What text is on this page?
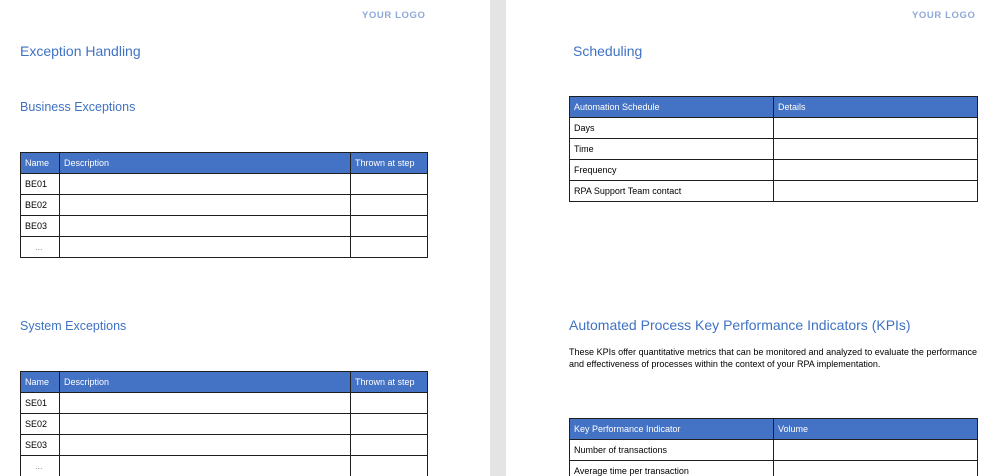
YOUR LOGO
Exception Handling
Business Exceptions
Name	Description	Thrown at step
BE01		
BE02		
BE03		
...		
System Exceptions
Name	Description	Thrown at step
SE01		
SE02		
SE03		
...		
YOUR LOGO
Scheduling
Automation Schedule	Details
Days	
Time	
Frequency	
RPA Support Team contact	
Automated Process Key Performance Indicators (KPIs)
These KPIs offer quantitative metrics that can be monitored and analyzed to evaluate the performance and effectiveness of processes within the context of your RPA implementation.
Key Performance Indicator	Volume
Number of transactions	
Average time per transaction	
